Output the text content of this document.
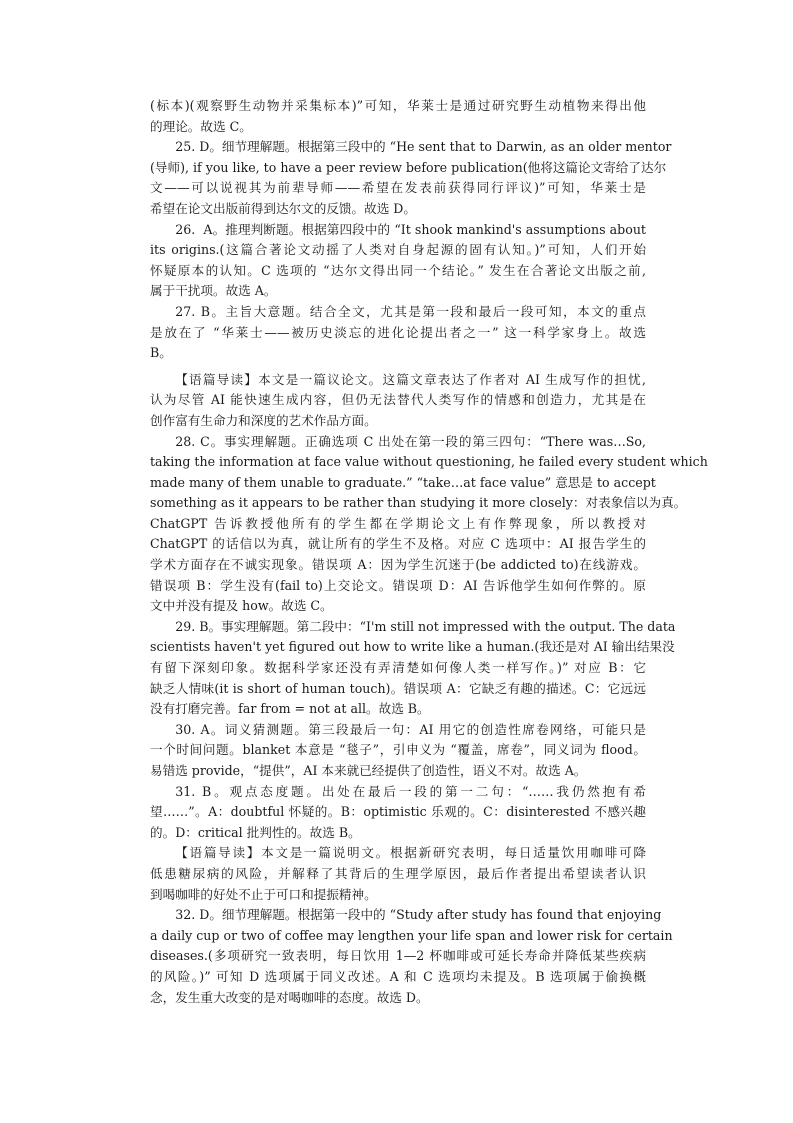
(标本)(观察野生动物并采集标本)”可知，华莱士是通过研究野生动植物来得出他
的理论。故选 C。
25. D。细节理解题。根据第三段中的 “He sent that to Darwin, as an older mentor
(导师), if you like, to have a peer review before publication(他将这篇论文寄给了达尔
文——可以说视其为前辈导师——希望在发表前获得同行评议)”可知，华莱士是
希望在论文出版前得到达尔文的反馈。故选 D。
26.  A。推理判断题。根据第四段中的 “It shook mankind's assumptions about
its origins.(这篇合著论文动摇了人类对自身起源的固有认知。)”可知，人们开始
怀疑原本的认知。C 选项的 “达尔文得出同一个结论。” 发生在合著论文出版之前,
属于干扰项。故选 A。
27. B。主旨大意题。结合全文，尤其是第一段和最后一段可知，本文的重点
是放在了 “华莱士——被历史淡忘的进化论提出者之一” 这一科学家身上。故选
B。
【语篇导读】本文是一篇议论文。这篇文章表达了作者对 AI 生成写作的担忧,
认为尽管 AI 能快速生成内容，但仍无法替代人类写作的情感和创造力，尤其是在
创作富有生命力和深度的艺术作品方面。
28. C。事实理解题。正确选项 C 出处在第一段的第三四句：“There was…So,
taking the information at face value without questioning, he failed every student which
made many of them unable to graduate.” “take…at face value” 意思是 to accept
something as it appears to be rather than studying it more closely：对表象信以为真。
ChatGPT 告诉教授他所有的学生都在学期论文上有作弊现象，所以教授对
ChatGPT 的话信以为真，就让所有的学生不及格。对应 C 选项中：AI 报告学生的
学术方面存在不诚实现象。错误项 A：因为学生沉迷于(be addicted to)在线游戏。
错误项 B：学生没有(fail to)上交论文。错误项 D：AI 告诉他学生如何作弊的。原
文中并没有提及 how。故选 C。
29. B。事实理解题。第二段中：“I'm still not impressed with the output. The data
scientists haven't yet figured out how to write like a human.(我还是对 AI 输出结果没
有留下深刻印象。数据科学家还没有弄清楚如何像人类一样写作。)” 对应 B：它
缺乏人情味(it is short of human touch)。错误项 A：它缺乏有趣的描述。C：它远远
没有打磨完善。far from = not at all。故选 B。
30. A。词义猜测题。第三段最后一句：AI 用它的创造性席卷网络，可能只是
一个时间问题。blanket 本意是 “毯子”，引申义为 “覆盖，席卷”，同义词为 flood。
易错选 provide，“提供”，AI 本来就已经提供了创造性，语义不对。故选 A。
31. B。观点态度题。出处在最后一段的第一二句：“……我仍然抱有希
望……”。A：doubtful 怀疑的。B：optimistic 乐观的。C：disinterested 不感兴趣
的。D：critical 批判性的。故选 B。
【语篇导读】本文是一篇说明文。根据新研究表明，每日适量饮用咖啡可降
低患糖尿病的风险，并解释了其背后的生理学原因，最后作者提出希望读者认识
到喝咖啡的好处不止于可口和提振精神。
32. D。细节理解题。根据第一段中的 “Study after study has found that enjoying
a daily cup or two of coffee may lengthen your life span and lower risk for certain
diseases.(多项研究一致表明，每日饮用 1—2 杯咖啡或可延长寿命并降低某些疾病
的风险。)” 可知 D 选项属于同义改述。A 和 C 选项均未提及。B 选项属于偷换概
念，发生重大改变的是对喝咖啡的态度。故选 D。
